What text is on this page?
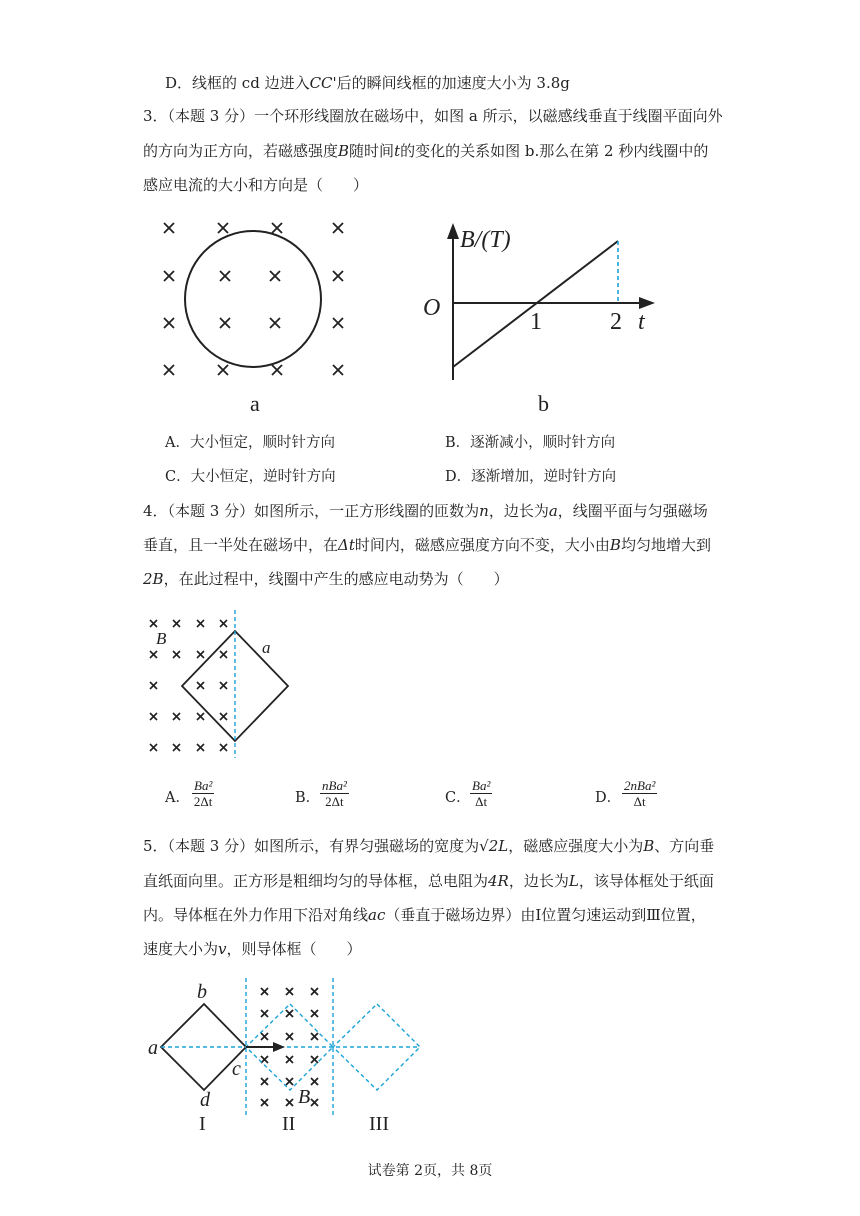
D．线框的 cd 边进入CC'后的瞬间线框的加速度大小为 3.8g
3．（本题 3 分）一个环形线圈放在磁场中，如图 a 所示，以磁感线垂直于线圈平面向外
的方向为正方向，若磁感强度B随时间t的变化的关系如图 b.那么在第 2 秒内线圈中的
感应电流的大小和方向是（　　）
a
B/(T)
O
1	2 t
b
A．大小恒定，顺时针方向	B．逐渐减小，顺时针方向
C．大小恒定，逆时针方向	D．逐渐增加，逆时针方向
4．（本题 3 分）如图所示，一正方形线圈的匝数为n，边长为a，线圈平面与匀强磁场
垂直，且一半处在磁场中，在Δt时间内，磁感应强度方向不变，大小由B均匀地增大到
2B，在此过程中，线圈中产生的感应电动势为（　　）
B	a
A． $\frac{\text{Ba²}}{2\Delta t}$	B．
nBa²
2Δt	C． $\frac{\text{Ba²}}{\Delta t}$	D．
2nBa²
Δt
5．（本题 3 分）如图所示，有界匀强磁场的宽度为√2L，磁感应强度大小为B、方向垂
直纸面向里。正方形是粗细均匀的导体框，总电阻为4R，边长为L，该导体框处于纸面
内。导体框在外力作用下沿对角线ac（垂直于磁场边界）由Ⅰ位置匀速运动到Ⅲ位置，
速度大小为v，则导体框（　　）
b
a
c
d	B
I	II	III
试卷第 2页，共 8页
